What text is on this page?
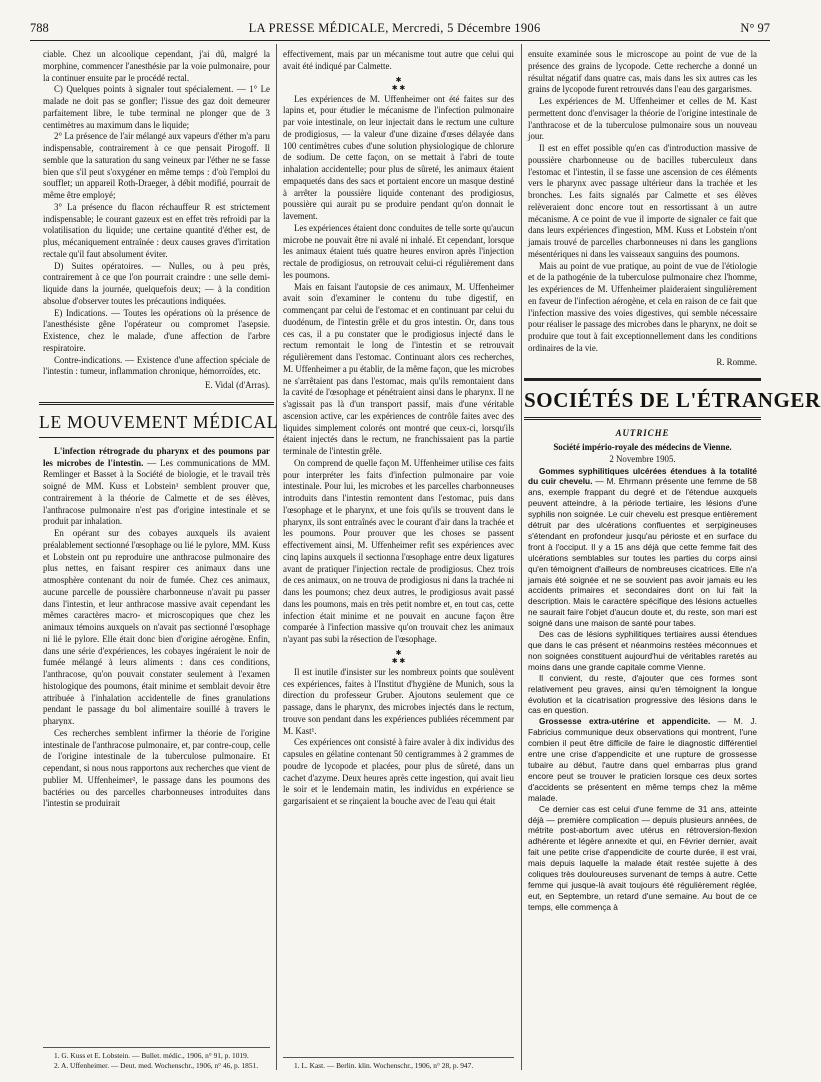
788	LA PRESSE MÉDICALE, Mercredi, 5 Décembre 1906	N° 97

ciable. Chez un alcoolique cependant, j'ai dû, malgré la morphine, commencer l'anesthésie par la voie pulmonaire, pour la continuer ensuite par le procédé rectal.

C) Quelques points à signaler tout spécialement. — 1° Le malade ne doit pas se gonfler; l'issue des gaz doit demeurer parfaitement libre, le tube terminal ne plonger que de 3 centimètres au maximum dans le liquide;

2° La présence de l'air mélangé aux vapeurs d'éther m'a paru indispensable, contrairement à ce que pensait Pirogoff. Il semble que la saturation du sang veineux par l'éther ne se fasse bien que s'il peut s'oxygéner en même temps : d'où l'emploi du soufflet; un appareil Roth-Draeger, à débit modifié, pourrait de même être employé;

3° La présence du flacon réchauffeur R est strictement indispensable; le courant gazeux est en effet très refroidi par la volatilisation du liquide; une certaine quantité d'éther est, de plus, mécaniquement entraînée : deux causes graves d'irritation rectale qu'il faut absolument éviter.

D) Suites opératoires. — Nulles, ou à peu près, contrairement à ce que l'on pourrait craindre : une selle demi-liquide dans la journée, quelquefois deux; — à la condition absolue d'observer toutes les précautions indiquées.

E) Indications. — Toutes les opérations où la présence de l'anesthésiste gêne l'opérateur ou compromet l'asepsie. Existence, chez le malade, d'une affection de l'arbre respiratoire.

Contre-indications. — Existence d'une affection spéciale de l'intestin : tumeur, inflammation chronique, hémorroïdes, etc.

E. Vidal (d'Arras).
LE MOUVEMENT MÉDICAL

L'infection rétrograde du pharynx et des poumons par les microbes de l'intestin. — Les communications de MM. Remlinger et Basset à la Société de biologie, et le travail très soigné de MM. Kuss et Lobstein¹ semblent prouver que, contrairement à la théorie de Calmette et de ses élèves, l'anthracose pulmonaire n'est pas d'origine intestinale et se produit par inhalation.

En opérant sur des cobayes auxquels ils avaient préalablement sectionné l'œsophage ou lié le pylore, MM. Kuss et Lobstein ont pu reproduire une anthracose pulmonaire des plus nettes, en faisant respirer ces animaux dans une atmosphère contenant du noir de fumée. Chez ces animaux, aucune parcelle de poussière charbonneuse n'avait pu passer dans l'intestin, et leur anthracose massive avait cependant les mêmes caractères macro- et microscopiques que chez les animaux témoins auxquels on n'avait pas sectionné l'œsophage ni lié le pylore. Elle était donc bien d'origine aérogène. Enfin, dans une série d'expériences, les cobayes ingéraient le noir de fumée mélangé à leurs aliments : dans ces conditions, l'anthracose, qu'on pouvait constater seulement à l'examen histologique des poumons, était minime et semblait devoir être attribuée à l'inhalation accidentelle de fines granulations pendant le passage du bol alimentaire souillé à travers le pharynx.

Ces recherches semblent infirmer la théorie de l'origine intestinale de l'anthracose pulmonaire, et, par contre-coup, celle de l'origine intestinale de la tuberculose pulmonaire. Et cependant, si nous nous rapportons aux recherches que vient de publier M. Uffenheimer², le passage dans les poumons des bactéries ou des parcelles charbonneuses introduites dans l'intestin se produirait

effectivement, mais par un mécanisme tout autre que celui qui avait été indiqué par Calmette.

✱
✱ ✱

Les expériences de M. Uffenheimer ont été faites sur des lapins et, pour étudier le mécanisme de l'infection pulmonaire par voie intestinale, on leur injectait dans le rectum une culture de prodigiosus, — la valeur d'une dizaine d'œses délayée dans 100 centimètres cubes d'une solution physiologique de chlorure de sodium. De cette façon, on se mettait à l'abri de toute inhalation accidentelle; pour plus de sûreté, les animaux étaient empaquetés dans des sacs et portaient encore un masque destiné à arrêter la poussière liquide contenant des prodigiosus, poussière qui aurait pu se produire pendant qu'on donnait le lavement.

Les expériences étaient donc conduites de telle sorte qu'aucun microbe ne pouvait être ni avalé ni inhalé. Et cependant, lorsque les animaux étaient tués quatre heures environ après l'injection rectale de prodigiosus, on retrouvait celui-ci régulièrement dans les poumons.

Mais en faisant l'autopsie de ces animaux, M. Uffenheimer avait soin d'examiner le contenu du tube digestif, en commençant par celui de l'estomac et en continuant par celui du duodénum, de l'intestin grêle et du gros intestin. Or, dans tous ces cas, il a pu constater que le prodigiosus injecté dans le rectum remontait le long de l'intestin et se retrouvait régulièrement dans l'estomac. Continuant alors ces recherches, M. Uffenheimer a pu établir, de la même façon, que les microbes ne s'arrêtaient pas dans l'estomac, mais qu'ils remontaient dans la cavité de l'œsophage et pénétraient ainsi dans le pharynx. Il ne s'agissait pas là d'un transport passif, mais d'une véritable ascension active, car les expériences de contrôle faites avec des liquides simplement colorés ont montré que ceux-ci, lorsqu'ils étaient injectés dans le rectum, ne franchissaient pas la partie terminale de l'intestin grêle.

On comprend de quelle façon M. Uffenheimer utilise ces faits pour interpréter les faits d'infection pulmonaire par voie intestinale. Pour lui, les microbes et les parcelles charbonneuses introduits dans l'intestin remontent dans l'estomac, puis dans l'œsophage et le pharynx, et une fois qu'ils se trouvent dans le pharynx, ils sont entraînés avec le courant d'air dans la trachée et les poumons. Pour prouver que les choses se passent effectivement ainsi, M. Uffenheimer refit ses expériences avec cinq lapins auxquels il sectionna l'œsophage entre deux ligatures avant de pratiquer l'injection rectale de prodigiosus. Chez trois de ces animaux, on ne trouva de prodigiosus ni dans la trachée ni dans les poumons; chez deux autres, le prodigiosus avait passé dans les poumons, mais en très petit nombre et, en tout cas, cette infection était minime et ne pouvait en aucune façon être comparée à l'infection massive qu'on trouvait chez les animaux n'ayant pas subi la résection de l'œsophage.

✱
✱ ✱

Il est inutile d'insister sur les nombreux points que soulèvent ces expériences, faites à l'Institut d'hygiène de Munich, sous la direction du professeur Gruber. Ajoutons seulement que ce passage, dans le pharynx, des microbes injectés dans le rectum, trouve son pendant dans les expériences publiées récemment par M. Kast¹.

Ces expériences ont consisté à faire avaler à dix individus des capsules en gélatine contenant 50 centigrammes à 2 grammes de poudre de lycopode et placées, pour plus de sûreté, dans un cachet d'azyme. Deux heures après cette ingestion, qui avait lieu le soir et le lendemain matin, les individus en expérience se gargarisaient et se rinçaient la bouche avec de l'eau qui était

ensuite examinée sous le microscope au point de vue de la présence des grains de lycopode. Cette recherche a donné un résultat négatif dans quatre cas, mais dans les six autres cas les grains de lycopode furent retrouvés dans l'eau des gargarismes.

Les expériences de M. Uffenheimer et celles de M. Kast permettent donc d'envisager la théorie de l'origine intestinale de l'anthracose et de la tuberculose pulmonaire sous un nouveau jour.

Il est en effet possible qu'en cas d'introduction massive de poussière charbonneuse ou de bacilles tuberculeux dans l'estomac et l'intestin, il se fasse une ascension de ces éléments vers le pharynx avec passage ultérieur dans la trachée et les bronches. Les faits signalés par Calmette et ses élèves relèveraient donc encore tout en ressortissant à un autre mécanisme. A ce point de vue il importe de signaler ce fait que dans leurs expériences d'ingestion, MM. Kuss et Lobstein n'ont jamais trouvé de parcelles charbonneuses ni dans les ganglions mésentériques ni dans les vaisseaux sanguins des poumons.

Mais au point de vue pratique, au point de vue de l'étiologie et de la pathogénie de la tuberculose pulmonaire chez l'homme, les expériences de M. Uffenheimer plaideraient singulièrement en faveur de l'infection aérogène, et cela en raison de ce fait que l'infection massive des voies digestives, qui semble nécessaire pour réaliser le passage des microbes dans le pharynx, ne doit se produire que tout à fait exceptionnellement dans les conditions ordinaires de la vie.

R. Romme.
SOCIÉTÉS DE L'ÉTRANGER
AUTRICHE
Société império-royale des médecins de Vienne.
2 Novembre 1905.

Gommes syphilitiques ulcérées étendues à la totalité du cuir chevelu. — M. Ehrmann présente une femme de 58 ans, exemple frappant du degré et de l'étendue auxquels peuvent atteindre, à la période tertiaire, les lésions d'une syphilis non soignée. Le cuir chevelu est presque entièrement détruit par des ulcérations confluentes et serpigineuses s'étendant en profondeur jusqu'au périoste et en surface du front à l'occiput. Il y a 15 ans déjà que cette femme fait des ulcérations semblables sur toutes les parties du corps ainsi qu'en témoignent d'ailleurs de nombreuses cicatrices. Elle n'a jamais été soignée et ne se souvient pas avoir jamais eu les accidents primaires et secondaires dont on lui fait la description. Mais le caractère spécifique des lésions actuelles ne saurait faire l'objet d'aucun doute et, du reste, son mari est soigné dans une maison de santé pour tabes.

Des cas de lésions syphilitiques tertiaires aussi étendues que dans le cas présent et néanmoins restées méconnues et non soignées constituent aujourd'hui de véritables raretés au moins dans une grande capitale comme Vienne.

Il convient, du reste, d'ajouter que ces formes sont relativement peu graves, ainsi qu'en témoignent la longue évolution et la cicatrisation progressive des lésions dans le cas en question.

Grossesse extra-utérine et appendicite. — M. J. Fabricius communique deux observations qui montrent, l'une combien il peut être difficile de faire le diagnostic différentiel entre une crise d'appendicite et une rupture de grossesse tubaire au début, l'autre dans quel embarras plus grand encore peut se trouver le praticien lorsque ces deux sortes d'accidents se présentent en même temps chez la même malade.

Ce dernier cas est celui d'une femme de 31 ans, atteinte déjà — première complication — depuis plusieurs années, de métrite post-abortum avec utérus en rétroversion-flexion adhérente et légère annexite et qui, en Février dernier, avait fait une petite crise d'appendicite de courte durée, il est vrai, mais depuis laquelle la malade était restée sujette à des coliques très douloureuses survenant de temps à autre. Cette femme qui jusque-là avait toujours été régulièrement réglée, eut, en Septembre, un retard d'une semaine. Au bout de ce temps, elle commença à

1. G. Kuss et E. Lobstein. — Bullet. médic., 1906, n° 91, p. 1019.
2. A. Uffenheimer. — Deut. med. Wochenschr., 1906, n° 46, p. 1851.	1. L. Kast. — Berlin. klin. Wochenschr., 1906, n° 28, p. 947.
